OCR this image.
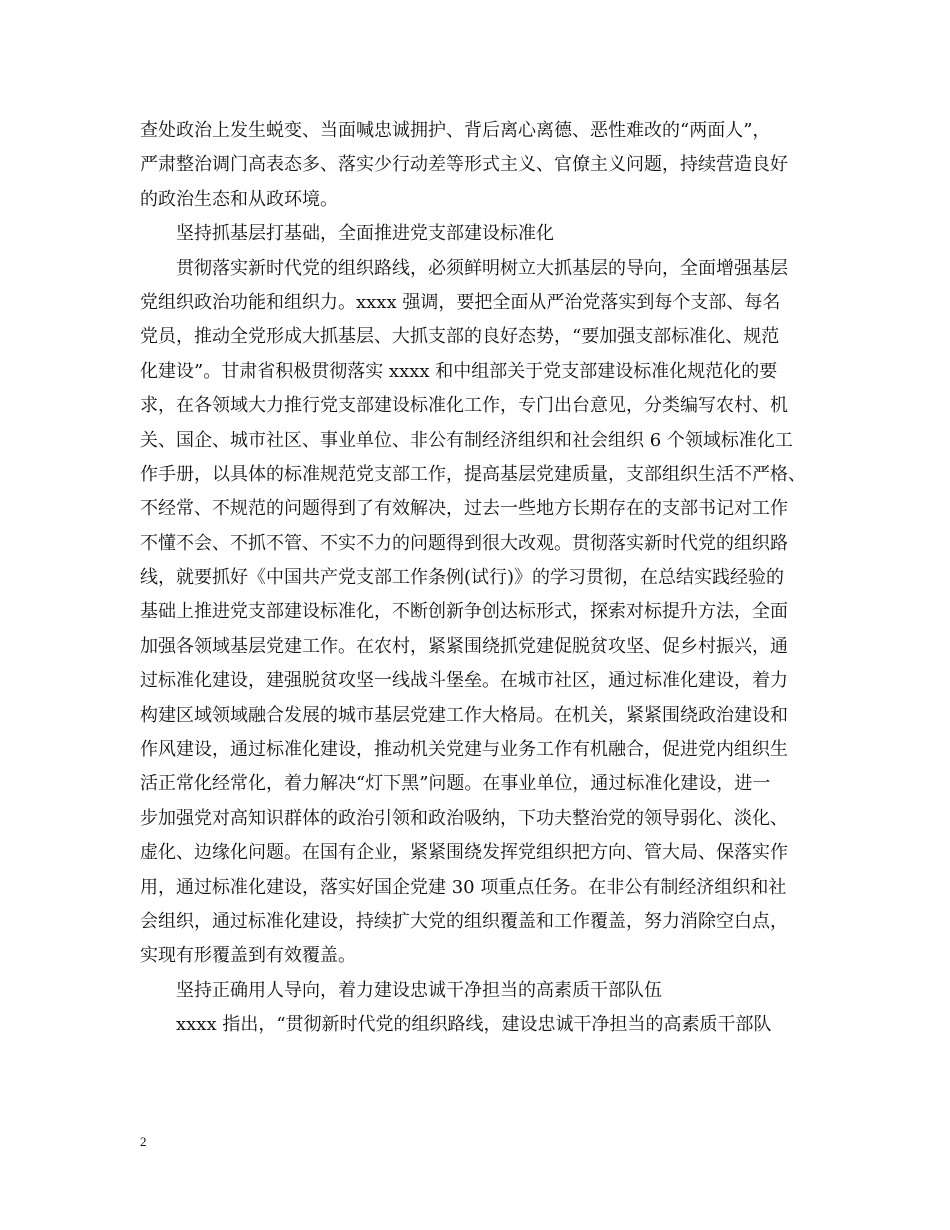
查处政治上发生蜕变、当面喊忠诚拥护、背后离心离德、恶性难改的“两面人”，
严肃整治调门高表态多、落实少行动差等形式主义、官僚主义问题，持续营造良好
的政治生态和从政环境。
　　坚持抓基层打基础，全面推进党支部建设标准化
　　贯彻落实新时代党的组织路线，必须鲜明树立大抓基层的导向，全面增强基层
党组织政治功能和组织力。xxxx 强调，要把全面从严治党落实到每个支部、每名
党员，推动全党形成大抓基层、大抓支部的良好态势，“要加强支部标准化、规范
化建设”。甘肃省积极贯彻落实 xxxx 和中组部关于党支部建设标准化规范化的要
求，在各领域大力推行党支部建设标准化工作，专门出台意见，分类编写农村、机
关、国企、城市社区、事业单位、非公有制经济组织和社会组织 6 个领域标准化工
作手册，以具体的标准规范党支部工作，提高基层党建质量，支部组织生活不严格、
不经常、不规范的问题得到了有效解决，过去一些地方长期存在的支部书记对工作
不懂不会、不抓不管、不实不力的问题得到很大改观。贯彻落实新时代党的组织路
线，就要抓好《中国共产党支部工作条例(试行)》的学习贯彻，在总结实践经验的
基础上推进党支部建设标准化，不断创新争创达标形式，探索对标提升方法，全面
加强各领域基层党建工作。在农村，紧紧围绕抓党建促脱贫攻坚、促乡村振兴，通
过标准化建设，建强脱贫攻坚一线战斗堡垒。在城市社区，通过标准化建设，着力
构建区域领域融合发展的城市基层党建工作大格局。在机关，紧紧围绕政治建设和
作风建设，通过标准化建设，推动机关党建与业务工作有机融合，促进党内组织生
活正常化经常化，着力解决“灯下黑”问题。在事业单位，通过标准化建设，进一
步加强党对高知识群体的政治引领和政治吸纳，下功夫整治党的领导弱化、淡化、
虚化、边缘化问题。在国有企业，紧紧围绕发挥党组织把方向、管大局、保落实作
用，通过标准化建设，落实好国企党建 30 项重点任务。在非公有制经济组织和社
会组织，通过标准化建设，持续扩大党的组织覆盖和工作覆盖，努力消除空白点，
实现有形覆盖到有效覆盖。
　　坚持正确用人导向，着力建设忠诚干净担当的高素质干部队伍
　　xxxx 指出，“贯彻新时代党的组织路线，建设忠诚干净担当的高素质干部队
2
